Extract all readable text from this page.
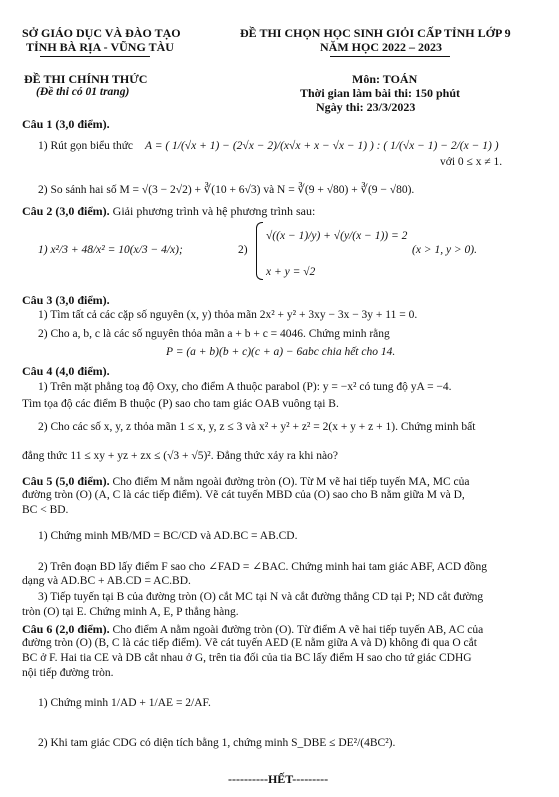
SỞ GIÁO DỤC VÀ ĐÀO TẠO
TỈNH BÀ RỊA - VŨNG TÀU
ĐỀ THI CHỌN HỌC SINH GIỎI CẤP TỈNH LỚP 9
NĂM HỌC 2022 – 2023
ĐỀ THI CHÍNH THỨC
(Đề thi có 01 trang)
Môn: TOÁN
Thời gian làm bài thi: 150 phút
Ngày thi: 23/3/2023
Câu 1 (3,0 điểm).
1) Rút gọn biểu thức A = ( 1/(√x + 1) − (2√x − 2)/(x√x + x − √x − 1) ) : ( 1/(√x − 1) − 2/(x − 1) )
với 0 ≤ x ≠ 1.
2) So sánh hai số M = √(3 − 2√2) + ∛(10 + 6√3) và N = ∛(9 + √80) + ∛(9 − √80).
Câu 2 (3,0 điểm). Giải phương trình và hệ phương trình sau:
1) x²/3 + 48/x² = 10(x/3 − 4/x);	2)
√((x − 1)/y) + √(y/(x − 1)) = 2
x + y = √2
(x > 1, y > 0).
Câu 3 (3,0 điểm).
1) Tìm tất cả các cặp số nguyên (x, y) thỏa mãn 2x² + y² + 3xy − 3x − 3y + 11 = 0.
2) Cho a, b, c là các số nguyên thỏa mãn a + b + c = 4046. Chứng minh rằng
P = (a + b)(b + c)(c + a) − 6abc chia hết cho 14.
Câu 4 (4,0 điểm).
1) Trên mặt phẳng toạ độ Oxy, cho điểm A thuộc parabol (P): y = −x² có tung độ yA = −4.
Tìm tọa độ các điểm B thuộc (P) sao cho tam giác OAB vuông tại B.
2) Cho các số x, y, z thỏa mãn 1 ≤ x, y, z ≤ 3 và x² + y² + z² = 2(x + y + z + 1). Chứng minh bất
đẳng thức 11 ≤ xy + yz + zx ≤ (√3 + √5)². Đẳng thức xảy ra khi nào?
Câu 5 (5,0 điểm). Cho điểm M nằm ngoài đường tròn (O). Từ M vẽ hai tiếp tuyến MA, MC của
đường tròn (O) (A, C là các tiếp điểm). Vẽ cát tuyến MBD của (O) sao cho B nằm giữa M và D,
BC < BD.
1) Chứng minh MB/MD = BC/CD và AD.BC = AB.CD.
2) Trên đoạn BD lấy điểm F sao cho ∠FAD = ∠BAC. Chứng minh hai tam giác ABF, ACD đồng
dạng và AD.BC + AB.CD = AC.BD.
3) Tiếp tuyến tại B của đường tròn (O) cắt MC tại N và cắt đường thẳng CD tại P; ND cắt đường
tròn (O) tại E. Chứng minh A, E, P thẳng hàng.
Câu 6 (2,0 điểm). Cho điểm A nằm ngoài đường tròn (O). Từ điểm A vẽ hai tiếp tuyến AB, AC của
đường tròn (O) (B, C là các tiếp điểm). Vẽ cát tuyến AED (E nằm giữa A và D) không đi qua O cắt
BC ở F. Hai tia CE và DB cắt nhau ở G, trên tia đối của tia BC lấy điểm H sao cho tứ giác CDHG
nội tiếp đường tròn.
1) Chứng minh 1/AD + 1/AE = 2/AF.
2) Khi tam giác CDG có diện tích bằng 1, chứng minh S_DBE ≤ DE²/(4BC²).
----------HẾT---------
